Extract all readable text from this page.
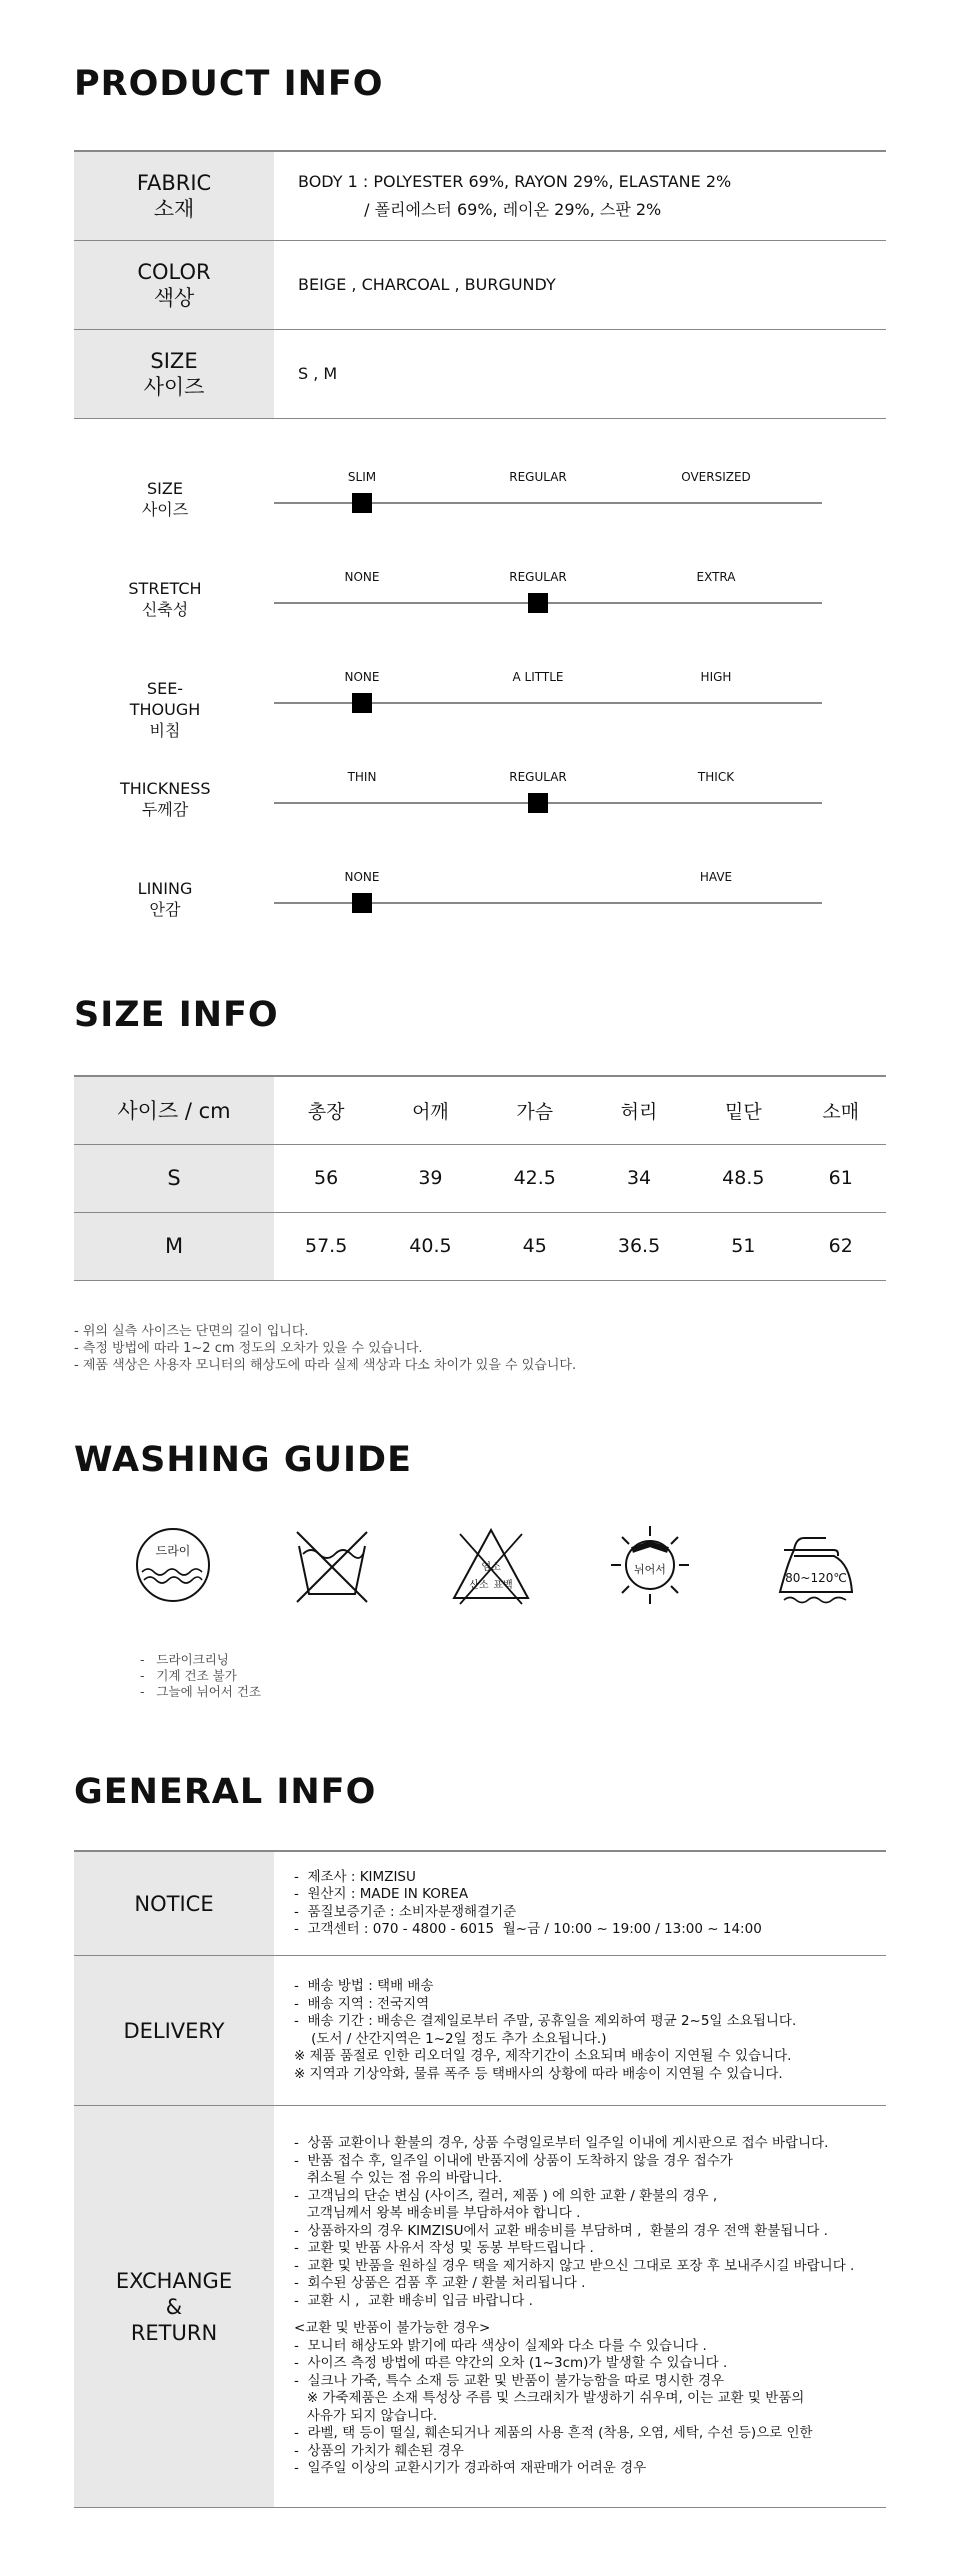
PRODUCT INFO
FABRIC
소재
BODY 1 : POLYESTER 69%, RAYON 29%, ELASTANE 2%
/ 폴리에스터 69%, 레이온 29%, 스판 2%
COLOR
색상
BEIGE , CHARCOAL , BURGUNDY
SIZE
사이즈
S , M
SIZE
사이즈
SLIM	REGULAR	OVERSIZED
STRETCH
신축성
NONE	REGULAR	EXTRA
SEE-THOUGH
비침
NONE	A LITTLE	HIGH
THICKNESS
두께감
THIN	REGULAR	THICK
LINING
안감
NONE	HAVE
SIZE INFO
사이즈 / cm	총장	어깨	가슴	허리	밑단	소매
S	56	39	42.5	34	48.5	61
M	57.5	40.5	45	36.5	51	62
- 위의 실측 사이즈는 단면의 길이 입니다.
- 측정 방법에 따라 1~2 cm 정도의 오차가 있을 수 있습니다.
- 제품 색상은 사용자 모니터의 해상도에 따라 실제 색상과 다소 차이가 있을 수 있습니다.
WASHING GUIDE
드라이
염소
산소 표백
뉘어서
80~120℃
-   드라이크리닝
-   기계 건조 불가
-   그늘에 뉘어서 건조
GENERAL INFO
NOTICE
-  제조사 : KIMZISU
-  원산지 : MADE IN KOREA
-  품질보증기준 : 소비자분쟁해결기준
-  고객센터 : 070 - 4800 - 6015  월~금 / 10:00 ~ 19:00 / 13:00 ~ 14:00
DELIVERY
-  배송 방법 : 택배 배송
-  배송 지역 : 전국지역
-  배송 기간 : 배송은 결제일로부터 주말, 공휴일을 제외하여 평균 2~5일 소요됩니다.
(도서 / 산간지역은 1~2일 정도 추가 소요됩니다.)
※ 제품 품절로 인한 리오더일 경우, 제작기간이 소요되며 배송이 지연될 수 있습니다.
※ 지역과 기상악화, 물류 폭주 등 택배사의 상황에 따라 배송이 지연될 수 있습니다.
EXCHANGE
&
RETURN
-  상품 교환이나 환불의 경우, 상품 수령일로부터 일주일 이내에 게시판으로 접수 바랍니다.
-  반품 접수 후, 일주일 이내에 반품지에 상품이 도착하지 않을 경우 접수가
취소될 수 있는 점 유의 바랍니다.
-  고객님의 단순 변심 (사이즈, 컬러, 제품 ) 에 의한 교환 / 환불의 경우 ,
고객님께서 왕복 배송비를 부담하셔야 합니다 .
-  상품하자의 경우 KIMZISU에서 교환 배송비를 부담하며 ,  환불의 경우 전액 환불됩니다 .
-  교환 및 반품 사유서 작성 및 동봉 부탁드립니다 .
-  교환 및 반품을 원하실 경우 택을 제거하지 않고 받으신 그대로 포장 후 보내주시길 바랍니다 .
-  회수된 상품은 검품 후 교환 / 환불 처리됩니다 .
-  교환 시 ,  교환 배송비 입금 바랍니다 .
<교환 및 반품이 불가능한 경우>
-  모니터 해상도와 밝기에 따라 색상이 실제와 다소 다를 수 있습니다 .
-  사이즈 측정 방법에 따른 약간의 오차 (1~3cm)가 발생할 수 있습니다 .
-  실크나 가죽, 특수 소재 등 교환 및 반품이 불가능함을 따로 명시한 경우
※ 가죽제품은 소재 특성상 주름 및 스크래치가 발생하기 쉬우며, 이는 교환 및 반품의
사유가 되지 않습니다.
-  라벨, 택 등이 떨실, 훼손되거나 제품의 사용 흔적 (착용, 오염, 세탁, 수선 등)으로 인한
-  상품의 가치가 훼손된 경우
-  일주일 이상의 교환시기가 경과하여 재판매가 어려운 경우
